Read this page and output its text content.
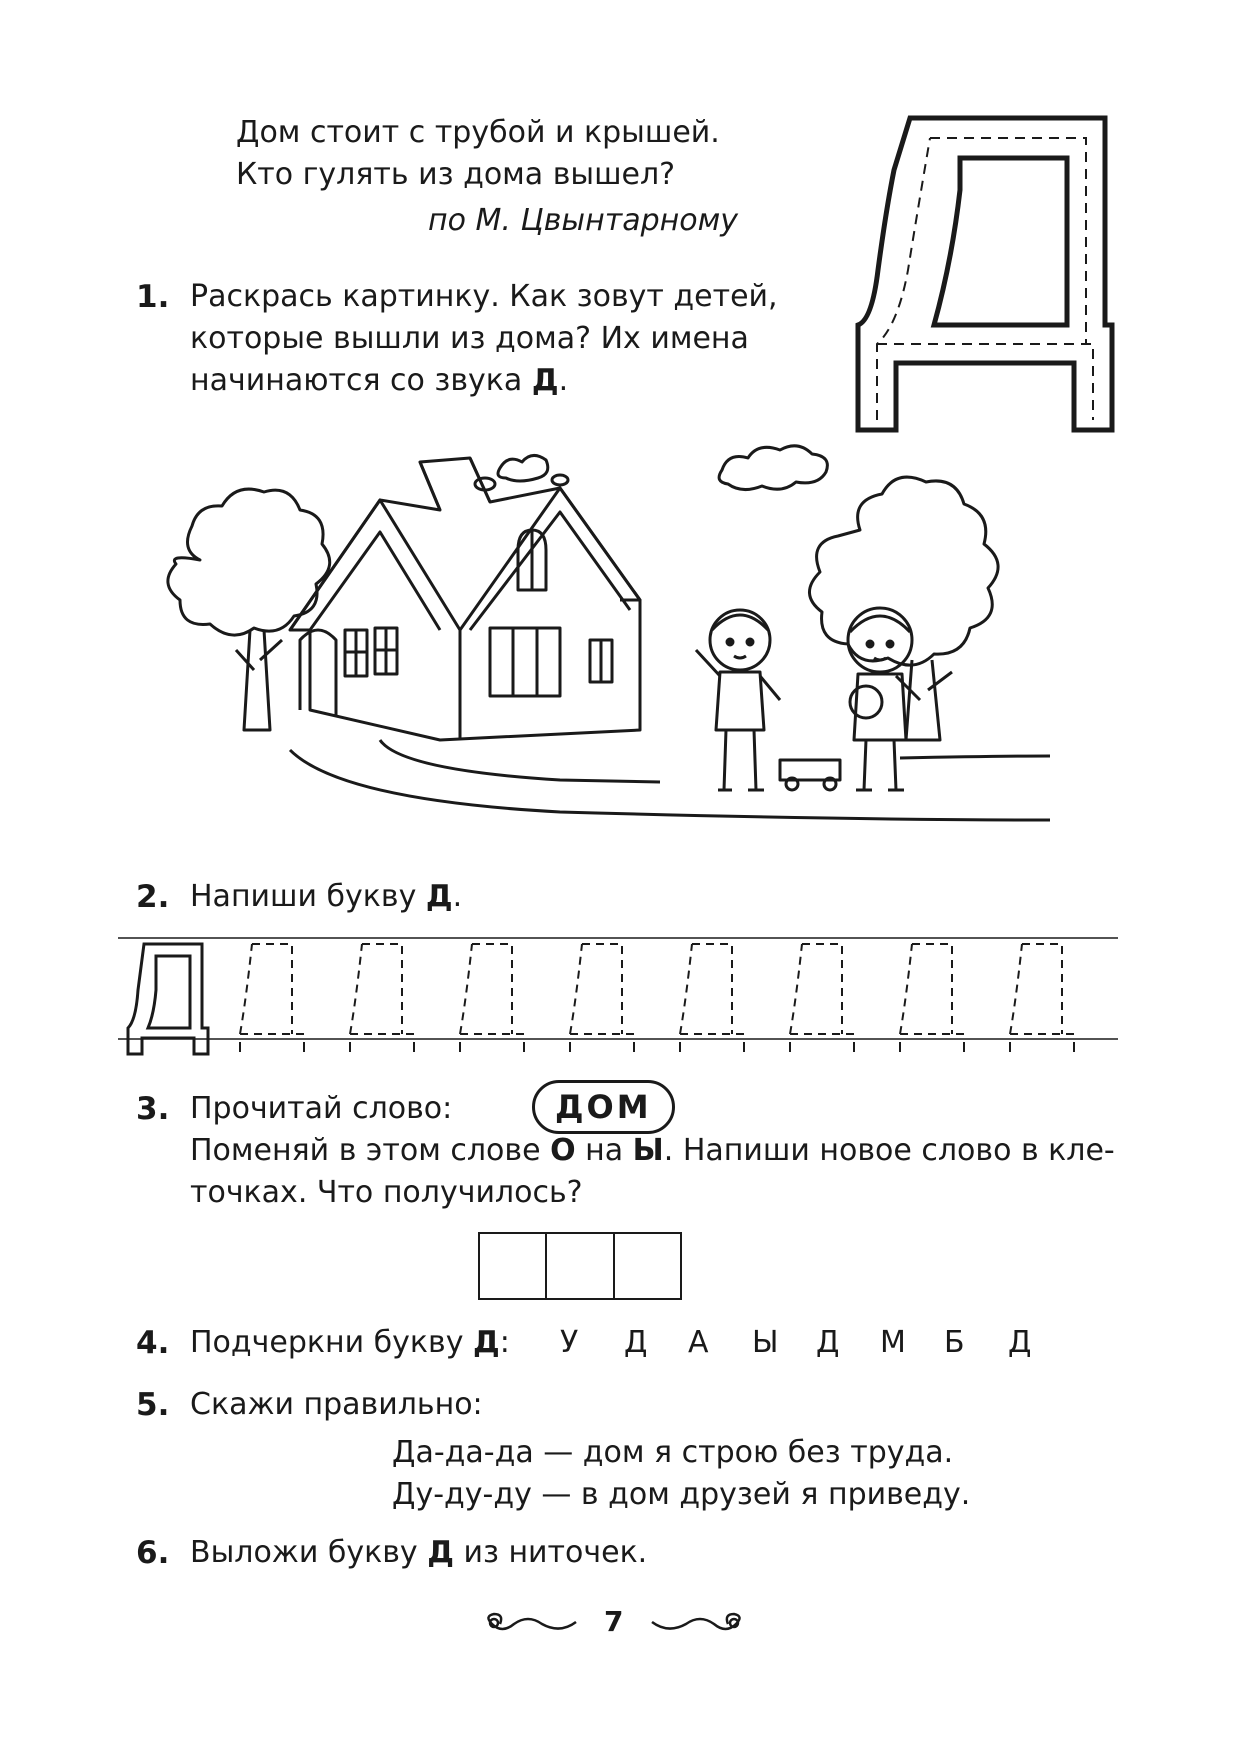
Дом стоит с трубой и крышей.
Кто гулять из дома вышел?
по М. Цвынтарному
1. Раскрась картинку. Как зовут детей,
которые вышли из дома? Их имена
начинаются со звука Д.
2. Напиши букву Д.
3. Прочитай слово:	ДОМ
Поменяй в этом слове О на Ы. Напиши новое слово в кле-
точках. Что получилось?
4. Подчеркни букву Д: У Д А Ы Д М Б Д
5. Скажи правильно:
Да-да-да — дом я строю без труда.
Ду-ду-ду — в дом друзей я приведу.
6. Выложи букву Д из ниточек.
7
